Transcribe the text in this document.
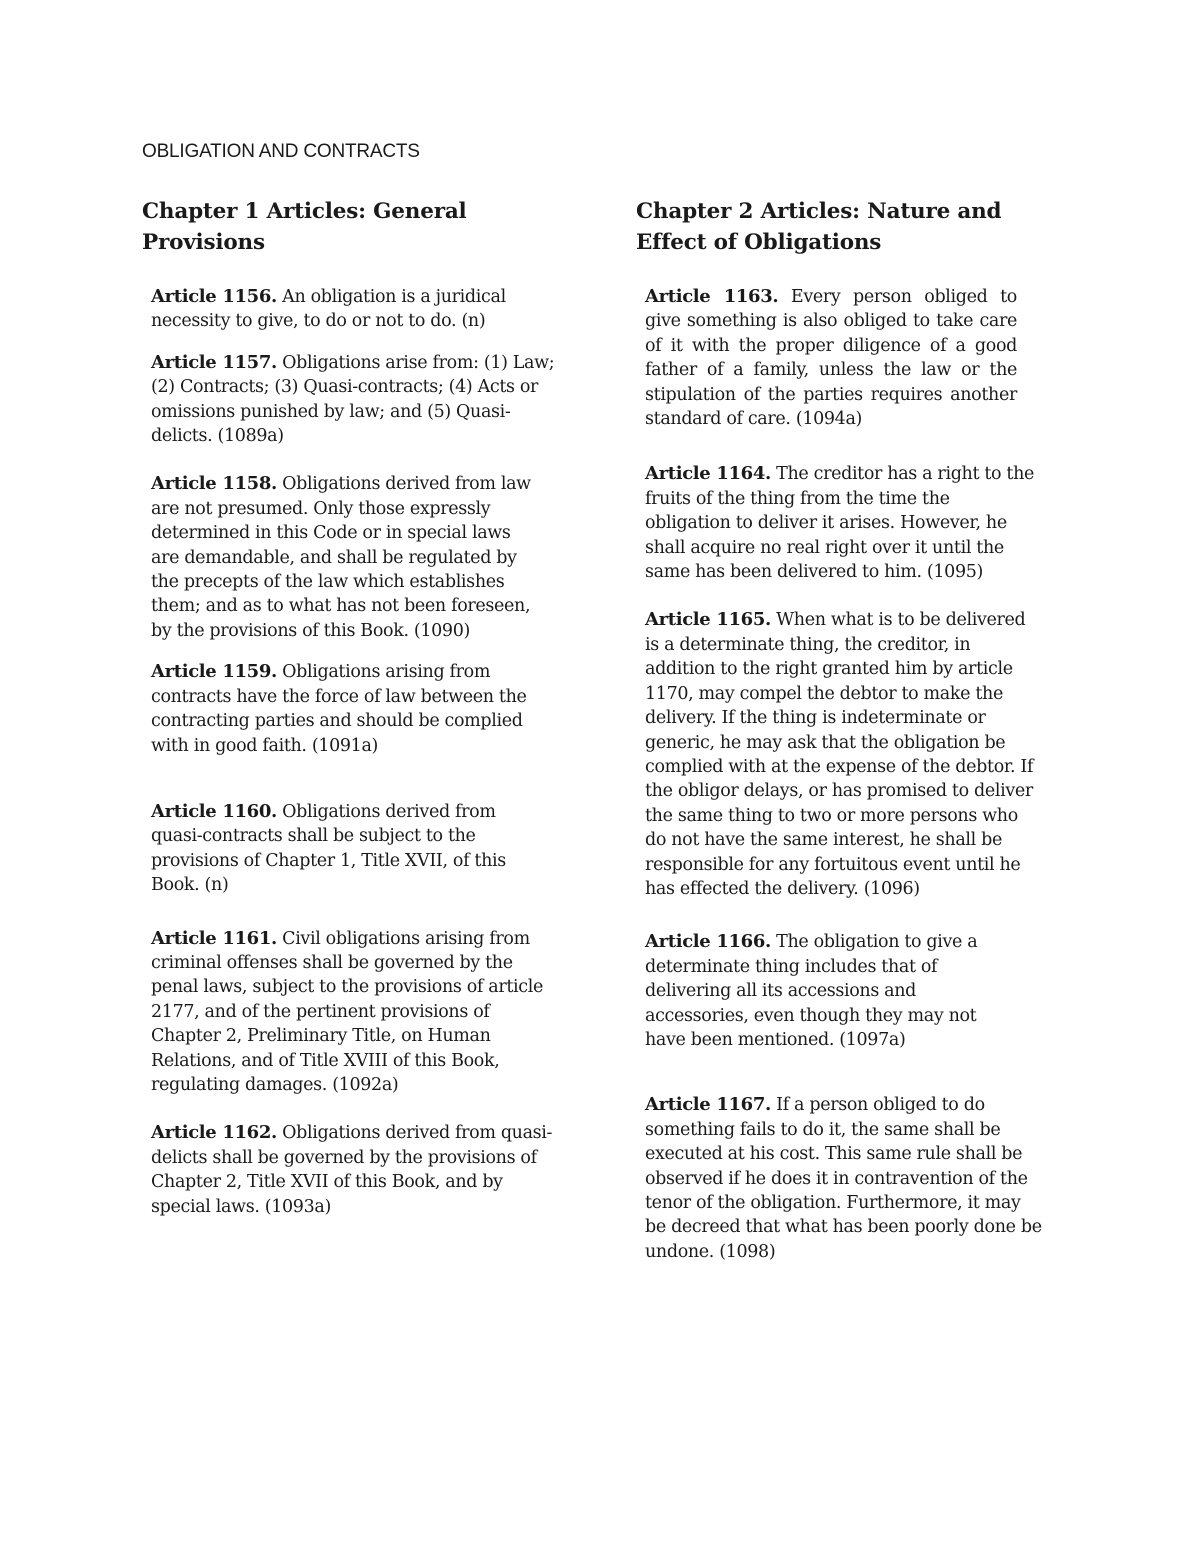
OBLIGATION AND CONTRACTS
Chapter 1 Articles: General Provisions
Article 1156. An obligation is a juridical necessity to give, to do or not to do. (n)
Article 1157. Obligations arise from: (1) Law; (2) Contracts; (3) Quasi-contracts; (4) Acts or omissions punished by law; and (5) Quasi-delicts. (1089a)
Article 1158. Obligations derived from law are not presumed. Only those expressly determined in this Code or in special laws are demandable, and shall be regulated by the precepts of the law which establishes them; and as to what has not been foreseen, by the provisions of this Book. (1090)
Article 1159. Obligations arising from contracts have the force of law between the contracting parties and should be complied with in good faith. (1091a)
Article 1160. Obligations derived from quasi-contracts shall be subject to the provisions of Chapter 1, Title XVII, of this Book. (n)
Article 1161. Civil obligations arising from criminal offenses shall be governed by the penal laws, subject to the provisions of article 2177, and of the pertinent provisions of Chapter 2, Preliminary Title, on Human Relations, and of Title XVIII of this Book, regulating damages. (1092a)
Article 1162. Obligations derived from quasi-delicts shall be governed by the provisions of Chapter 2, Title XVII of this Book, and by special laws. (1093a)
Chapter 2 Articles: Nature and Effect of Obligations
Article 1163. Every person obliged to give something is also obliged to take care of it with the proper diligence of a good father of a family, unless the law or the stipulation of the parties requires another standard of care. (1094a)
Article 1164. The creditor has a right to the fruits of the thing from the time the obligation to deliver it arises. However, he shall acquire no real right over it until the same has been delivered to him. (1095)
Article 1165. When what is to be delivered is a determinate thing, the creditor, in addition to the right granted him by article 1170, may compel the debtor to make the delivery. If the thing is indeterminate or generic, he may ask that the obligation be complied with at the expense of the debtor. If the obligor delays, or has promised to deliver the same thing to two or more persons who do not have the same interest, he shall be responsible for any fortuitous event until he has effected the delivery. (1096)
Article 1166. The obligation to give a determinate thing includes that of delivering all its accessions and accessories, even though they may not have been mentioned. (1097a)
Article 1167. If a person obliged to do something fails to do it, the same shall be executed at his cost. This same rule shall be observed if he does it in contravention of the tenor of the obligation. Furthermore, it may be decreed that what has been poorly done be undone. (1098)
